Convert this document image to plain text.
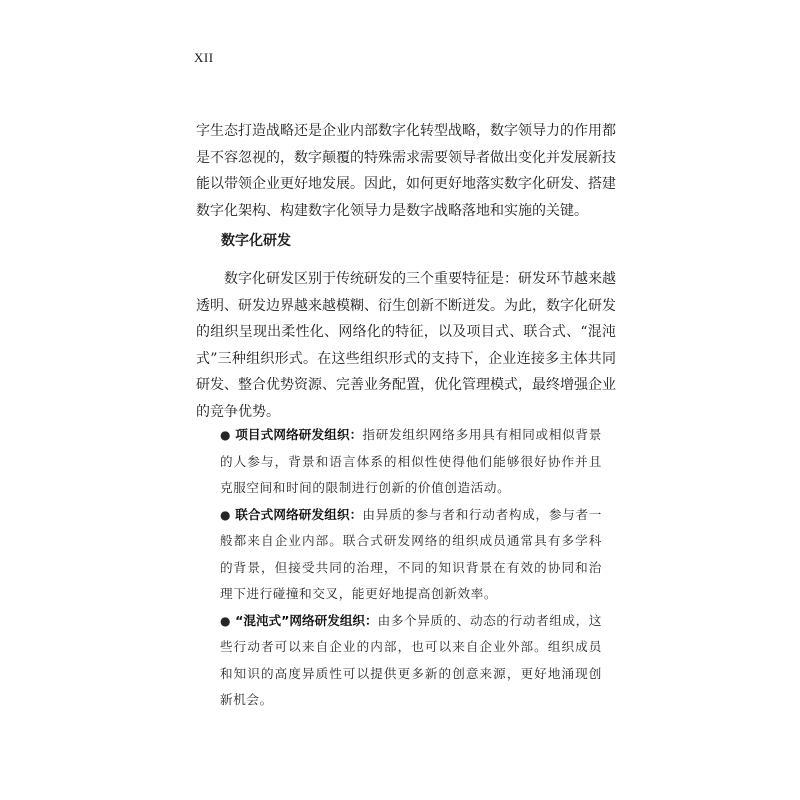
XII

字生态打造战略还是企业内部数字化转型战略，数字领导力的作用都是不容忽视的，数字颠覆的特殊需求需要领导者做出变化并发展新技能以带领企业更好地发展。因此，如何更好地落实数字化研发、搭建数字化架构、构建数字化领导力是数字战略落地和实施的关键。

数字化研发

数字化研发区别于传统研发的三个重要特征是：研发环节越来越透明、研发边界越来越模糊、衍生创新不断迸发。为此，数字化研发的组织呈现出柔性化、网络化的特征，以及项目式、联合式、“混沌式”三种组织形式。在这些组织形式的支持下，企业连接多主体共同研发、整合优势资源、完善业务配置，优化管理模式，最终增强企业的竞争优势。

● 项目式网络研发组织：指研发组织网络多用具有相同或相似背景的人参与，背景和语言体系的相似性使得他们能够很好协作并且克服空间和时间的限制进行创新的价值创造活动。
● 联合式网络研发组织：由异质的参与者和行动者构成，参与者一般都来自企业内部。联合式研发网络的组织成员通常具有多学科的背景，但接受共同的治理，不同的知识背景在有效的协同和治理下进行碰撞和交叉，能更好地提高创新效率。
● “混沌式”网络研发组织：由多个异质的、动态的行动者组成，这些行动者可以来自企业的内部，也可以来自企业外部。组织成员和知识的高度异质性可以提供更多新的创意来源，更好地涌现创新机会。
